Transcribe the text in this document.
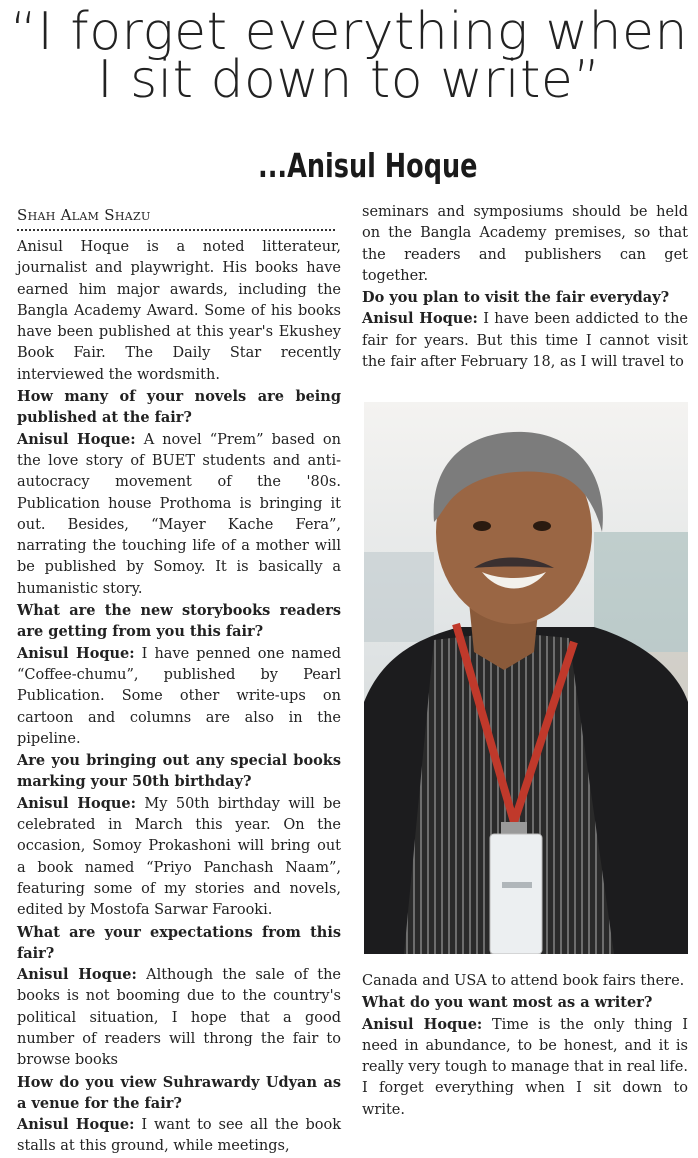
“I forget everything when
I sit down to write”
...Anisul Hoque
Shah Alam Shazu

Anisul Hoque is a noted litterateur, journalist and playwright. His books have earned him major awards, including the Bangla Academy Award. Some of his books have been published at this year's Ekushey Book Fair. The Daily Star recently interviewed the wordsmith.

How many of your novels are being published at the fair?

Anisul Hoque: A novel “Prem” based on the love story of BUET students and anti-autocracy movement of the '80s. Publication house Prothoma is bringing it out. Besides, “Mayer Kache Fera”, narrating the touching life of a mother will be published by Somoy. It is basically a humanistic story.

What are the new storybooks readers are getting from you this fair?

Anisul Hoque: I have penned one named “Coffee-chumu”, published by Pearl Publication. Some other write-ups on cartoon and columns are also in the pipeline.

Are you bringing out any special books marking your 50th birthday?

Anisul Hoque: My 50th birthday will be celebrated in March this year. On the occasion, Somoy Prokashoni will bring out a book named “Priyo Panchash Naam”, featuring some of my stories and novels, edited by Mostofa Sarwar Farooki.

What are your expectations from this fair?

Anisul Hoque: Although the sale of the books is not booming due to the country's political situation, I hope that a good number of readers will throng the fair to browse books

How do you view Suhrawardy Udyan as a venue for the fair?

Anisul Hoque: I want to see all the book stalls at this ground, while meetings,

seminars and symposiums should be held on the Bangla Academy premises, so that the readers and publishers can get together.

Do you plan to visit the fair everyday?

Anisul Hoque: I have been addicted to the fair for years. But this time I cannot visit the fair after February 18, as I will travel to

Canada and USA to attend book fairs there.

What do you want most as a writer?

Anisul Hoque: Time is the only thing I need in abundance, to be honest, and it is really very tough to manage that in real life. I forget everything when I sit down to write.
